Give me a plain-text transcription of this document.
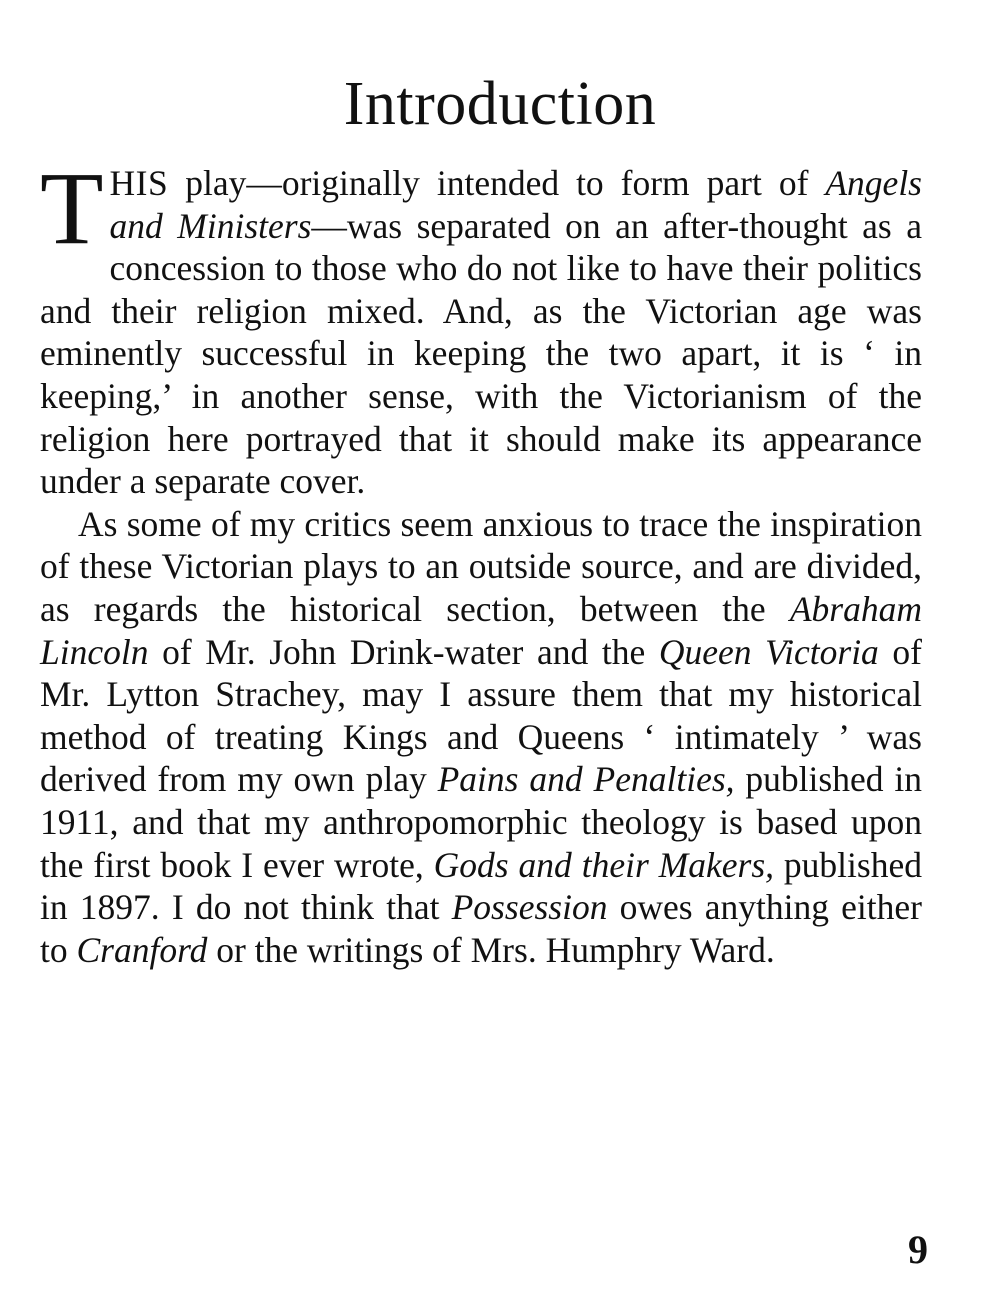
Introduction

THIS play—originally intended to form part of Angels and Ministers—was separated on an after-thought as a concession to those who do not like to have their politics and their religion mixed. And, as the Victorian age was eminently successful in keeping the two apart, it is ‘ in keeping,’ in another sense, with the Victorianism of the religion here portrayed that it should make its appearance under a separate cover.

As some of my critics seem anxious to trace the inspiration of these Victorian plays to an outside source, and are divided, as regards the historical section, between the Abraham Lincoln of Mr. John Drink-water and the Queen Victoria of Mr. Lytton Strachey, may I assure them that my historical method of treating Kings and Queens ‘ intimately ’ was derived from my own play Pains and Penalties, published in 1911, and that my anthropomorphic theology is based upon the first book I ever wrote, Gods and their Makers, published in 1897. I do not think that Possession owes anything either to Cranford or the writings of Mrs. Humphry Ward.

9
